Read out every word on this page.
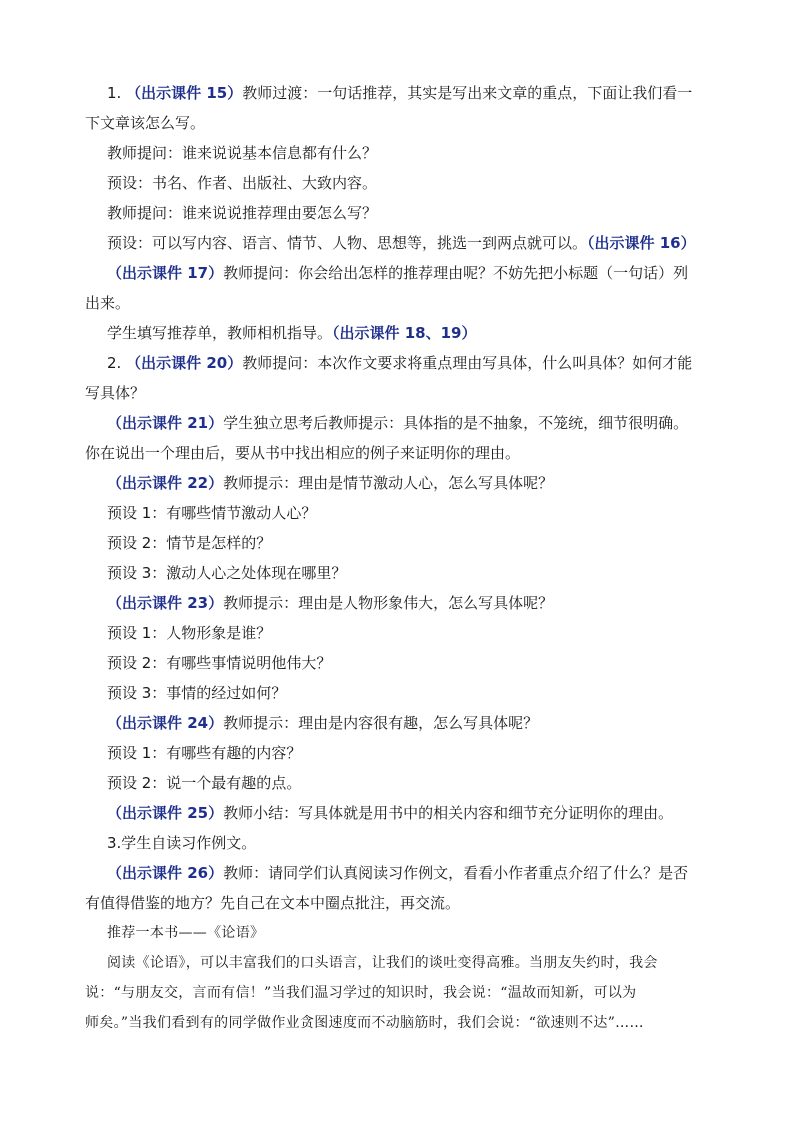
1. （出示课件 15）教师过渡：一句话推荐，其实是写出来文章的重点，下面让我们看一
下文章该怎么写。
教师提问：谁来说说基本信息都有什么？
预设：书名、作者、出版社、大致内容。
教师提问：谁来说说推荐理由要怎么写？
预设：可以写内容、语言、情节、人物、思想等，挑选一到两点就可以。（出示课件 16）
（出示课件 17）教师提问：你会给出怎样的推荐理由呢？不妨先把小标题（一句话）列
出来。
学生填写推荐单，教师相机指导。（出示课件 18、19）
2. （出示课件 20）教师提问：本次作文要求将重点理由写具体，什么叫具体？如何才能
写具体？
（出示课件 21）学生独立思考后教师提示：具体指的是不抽象，不笼统，细节很明确。
你在说出一个理由后，要从书中找出相应的例子来证明你的理由。
（出示课件 22）教师提示：理由是情节激动人心，怎么写具体呢？
预设 1：有哪些情节激动人心？
预设 2：情节是怎样的？
预设 3：激动人心之处体现在哪里？
（出示课件 23）教师提示：理由是人物形象伟大，怎么写具体呢？
预设 1：人物形象是谁？
预设 2：有哪些事情说明他伟大？
预设 3：事情的经过如何？
（出示课件 24）教师提示：理由是内容很有趣，怎么写具体呢？
预设 1：有哪些有趣的内容？
预设 2：说一个最有趣的点。
（出示课件 25）教师小结：写具体就是用书中的相关内容和细节充分证明你的理由。
3.学生自读习作例文。
（出示课件 26）教师：请同学们认真阅读习作例文，看看小作者重点介绍了什么？是否
有值得借鉴的地方？先自己在文本中圈点批注，再交流。
推荐一本书——《论语》
阅读《论语》，可以丰富我们的口头语言，让我们的谈吐变得高雅。当朋友失约时，我会
说：“与朋友交，言而有信！”当我们温习学过的知识时，我会说：“温故而知新，可以为
师矣。”当我们看到有的同学做作业贪图速度而不动脑筋时，我们会说：“欲速则不达”……
